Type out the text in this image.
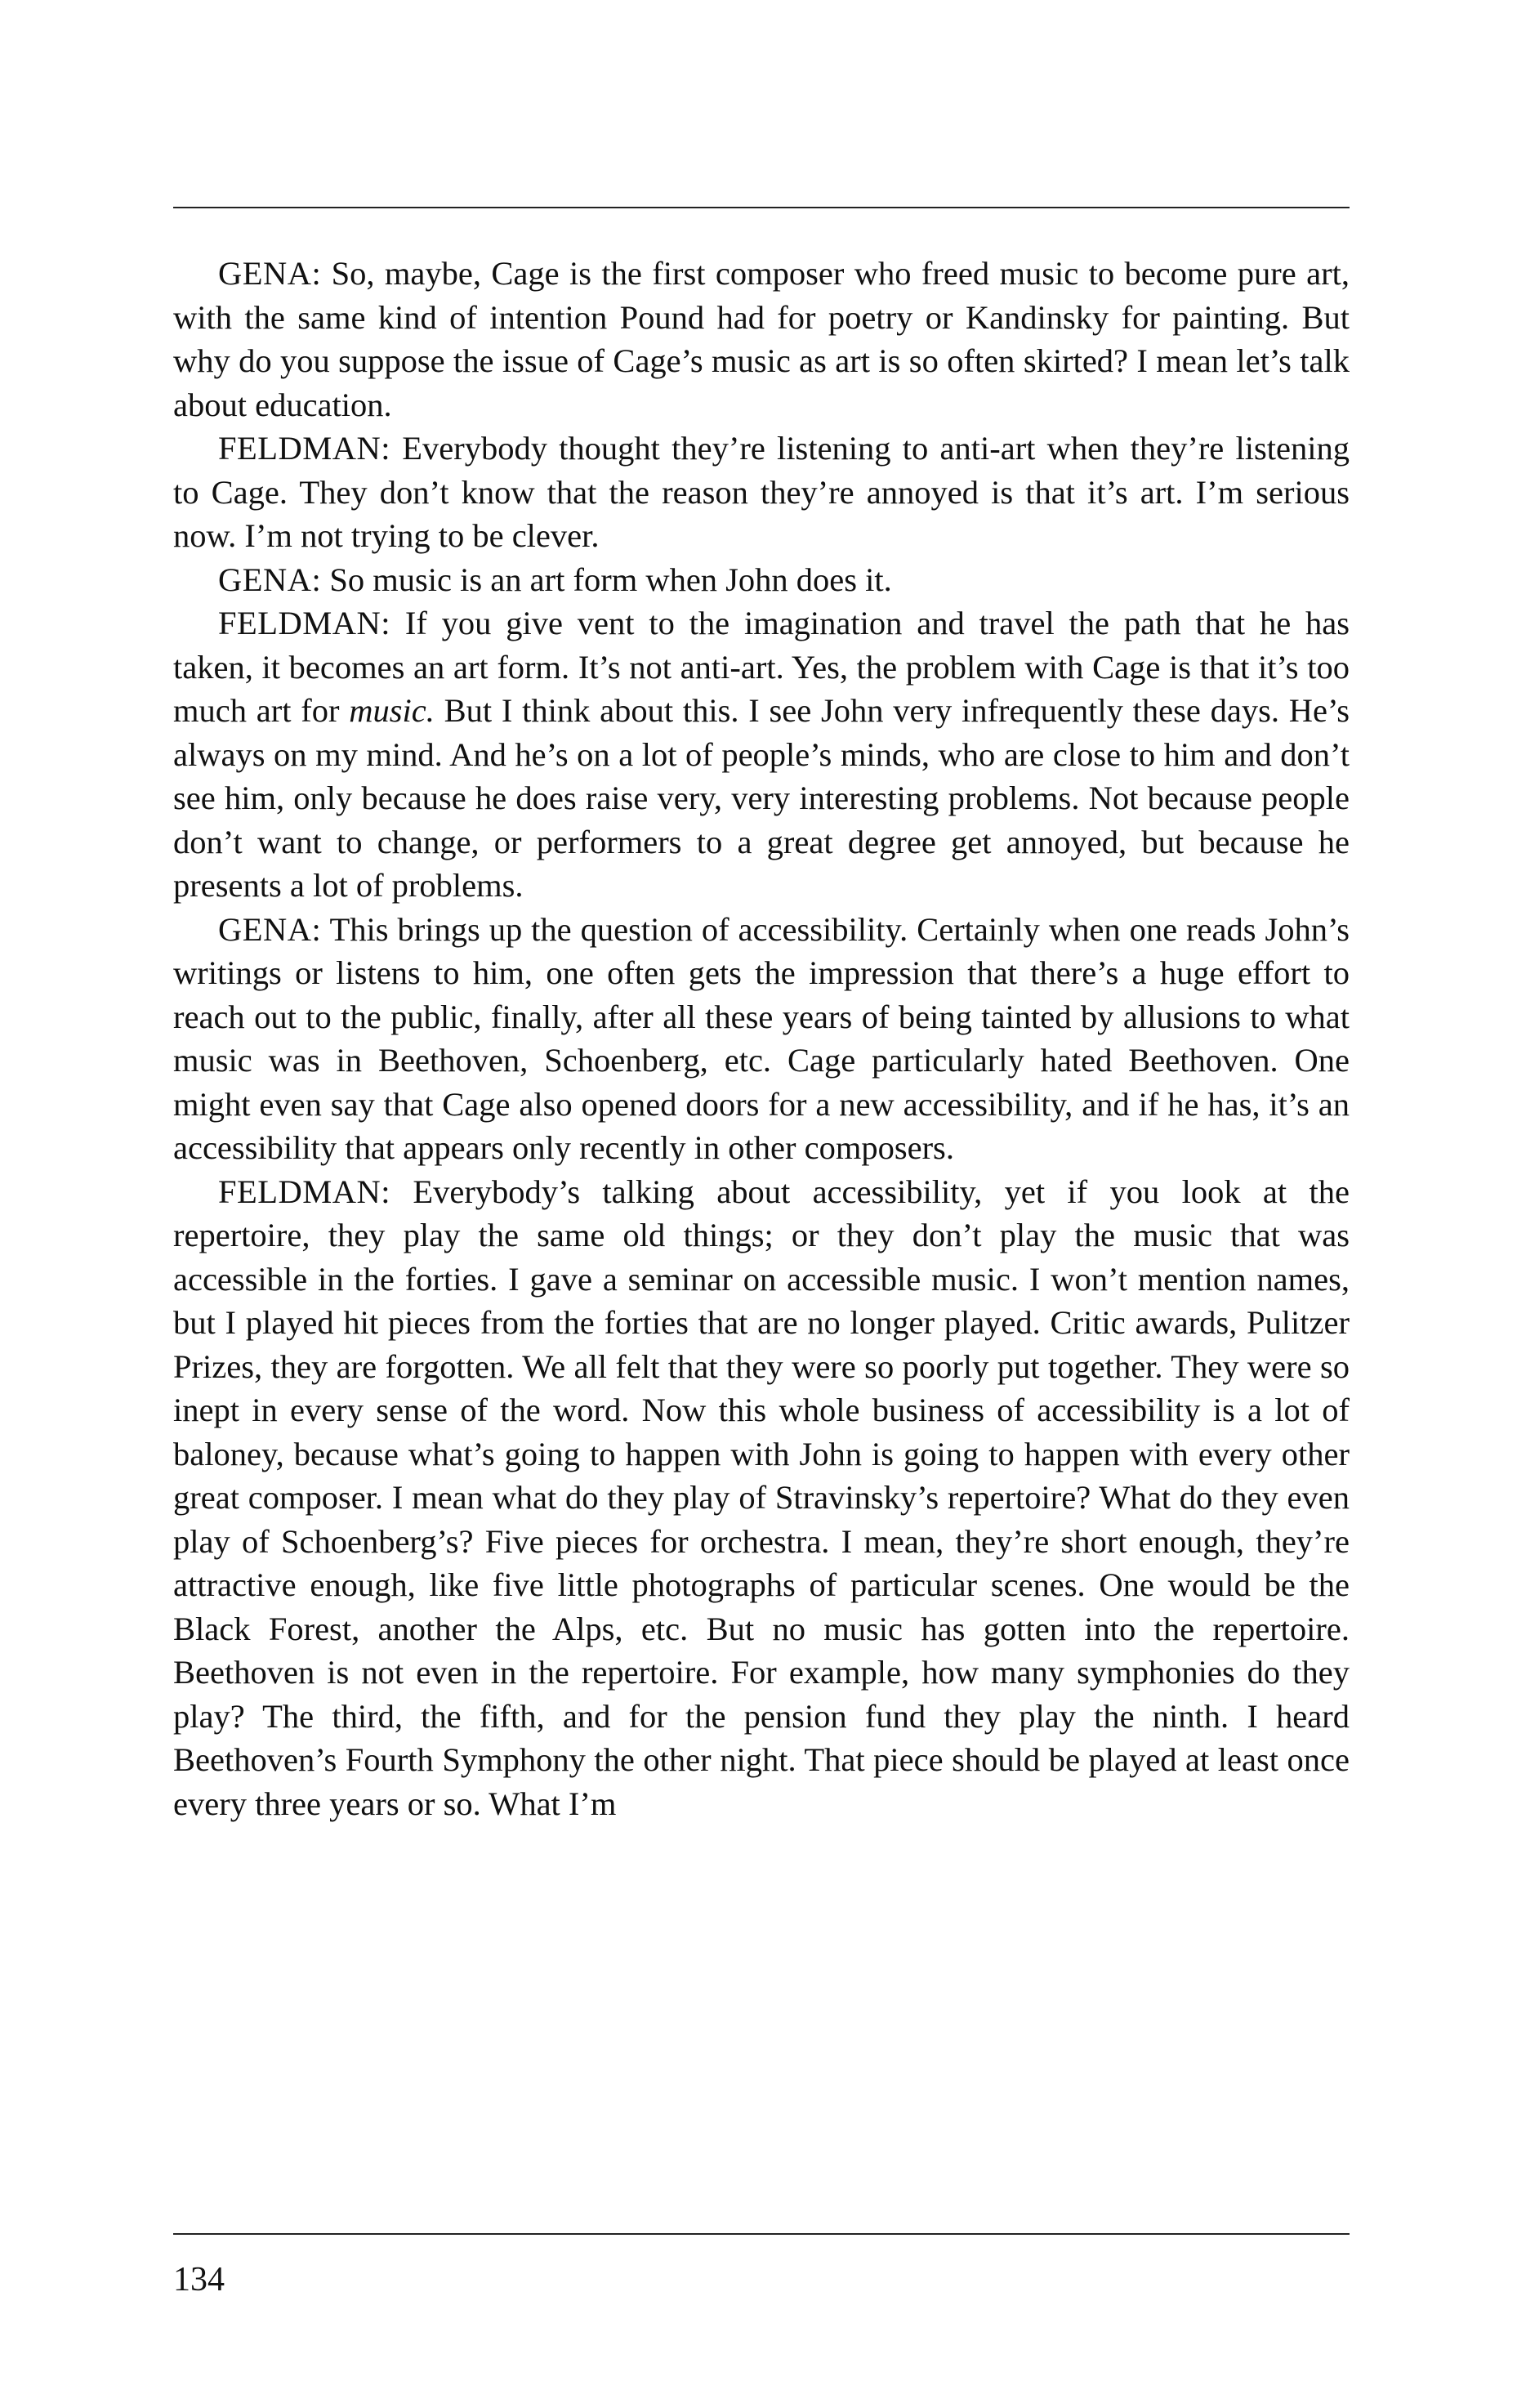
GENA: So, maybe, Cage is the first composer who freed music to become pure art, with the same kind of intention Pound had for poetry or Kandinsky for painting. But why do you suppose the issue of Cage’s music as art is so often skirted? I mean let’s talk about education.

FELDMAN: Everybody thought they’re listening to anti-art when they’re listening to Cage. They don’t know that the reason they’re annoyed is that it’s art. I’m serious now. I’m not trying to be clever.

GENA: So music is an art form when John does it.

FELDMAN: If you give vent to the imagination and travel the path that he has taken, it becomes an art form. It’s not anti-art. Yes, the problem with Cage is that it’s too much art for music. But I think about this. I see John very infrequently these days. He’s always on my mind. And he’s on a lot of people’s minds, who are close to him and don’t see him, only because he does raise very, very interesting problems. Not because people don’t want to change, or performers to a great degree get annoyed, but because he presents a lot of problems.

GENA: This brings up the question of accessibility. Certainly when one reads John’s writings or listens to him, one often gets the impression that there’s a huge effort to reach out to the public, finally, after all these years of being tainted by allusions to what music was in Beethoven, Schoenberg, etc. Cage particularly hated Beethoven. One might even say that Cage also opened doors for a new accessibility, and if he has, it’s an accessibility that appears only recently in other composers.

FELDMAN: Everybody’s talking about accessibility, yet if you look at the repertoire, they play the same old things; or they don’t play the music that was accessible in the forties. I gave a seminar on accessible music. I won’t mention names, but I played hit pieces from the forties that are no longer played. Critic awards, Pulitzer Prizes, they are forgotten. We all felt that they were so poorly put together. They were so inept in every sense of the word. Now this whole business of accessibility is a lot of baloney, because what’s going to happen with John is going to happen with every other great composer. I mean what do they play of Stravinsky’s repertoire? What do they even play of Schoenberg’s? Five pieces for orchestra. I mean, they’re short enough, they’re attractive enough, like five little photographs of particular scenes. One would be the Black Forest, another the Alps, etc. But no music has gotten into the repertoire. Beethoven is not even in the repertoire. For example, how many symphonies do they play? The third, the fifth, and for the pension fund they play the ninth. I heard Beethoven’s Fourth Symphony the other night. That piece should be played at least once every three years or so. What I’m

134
